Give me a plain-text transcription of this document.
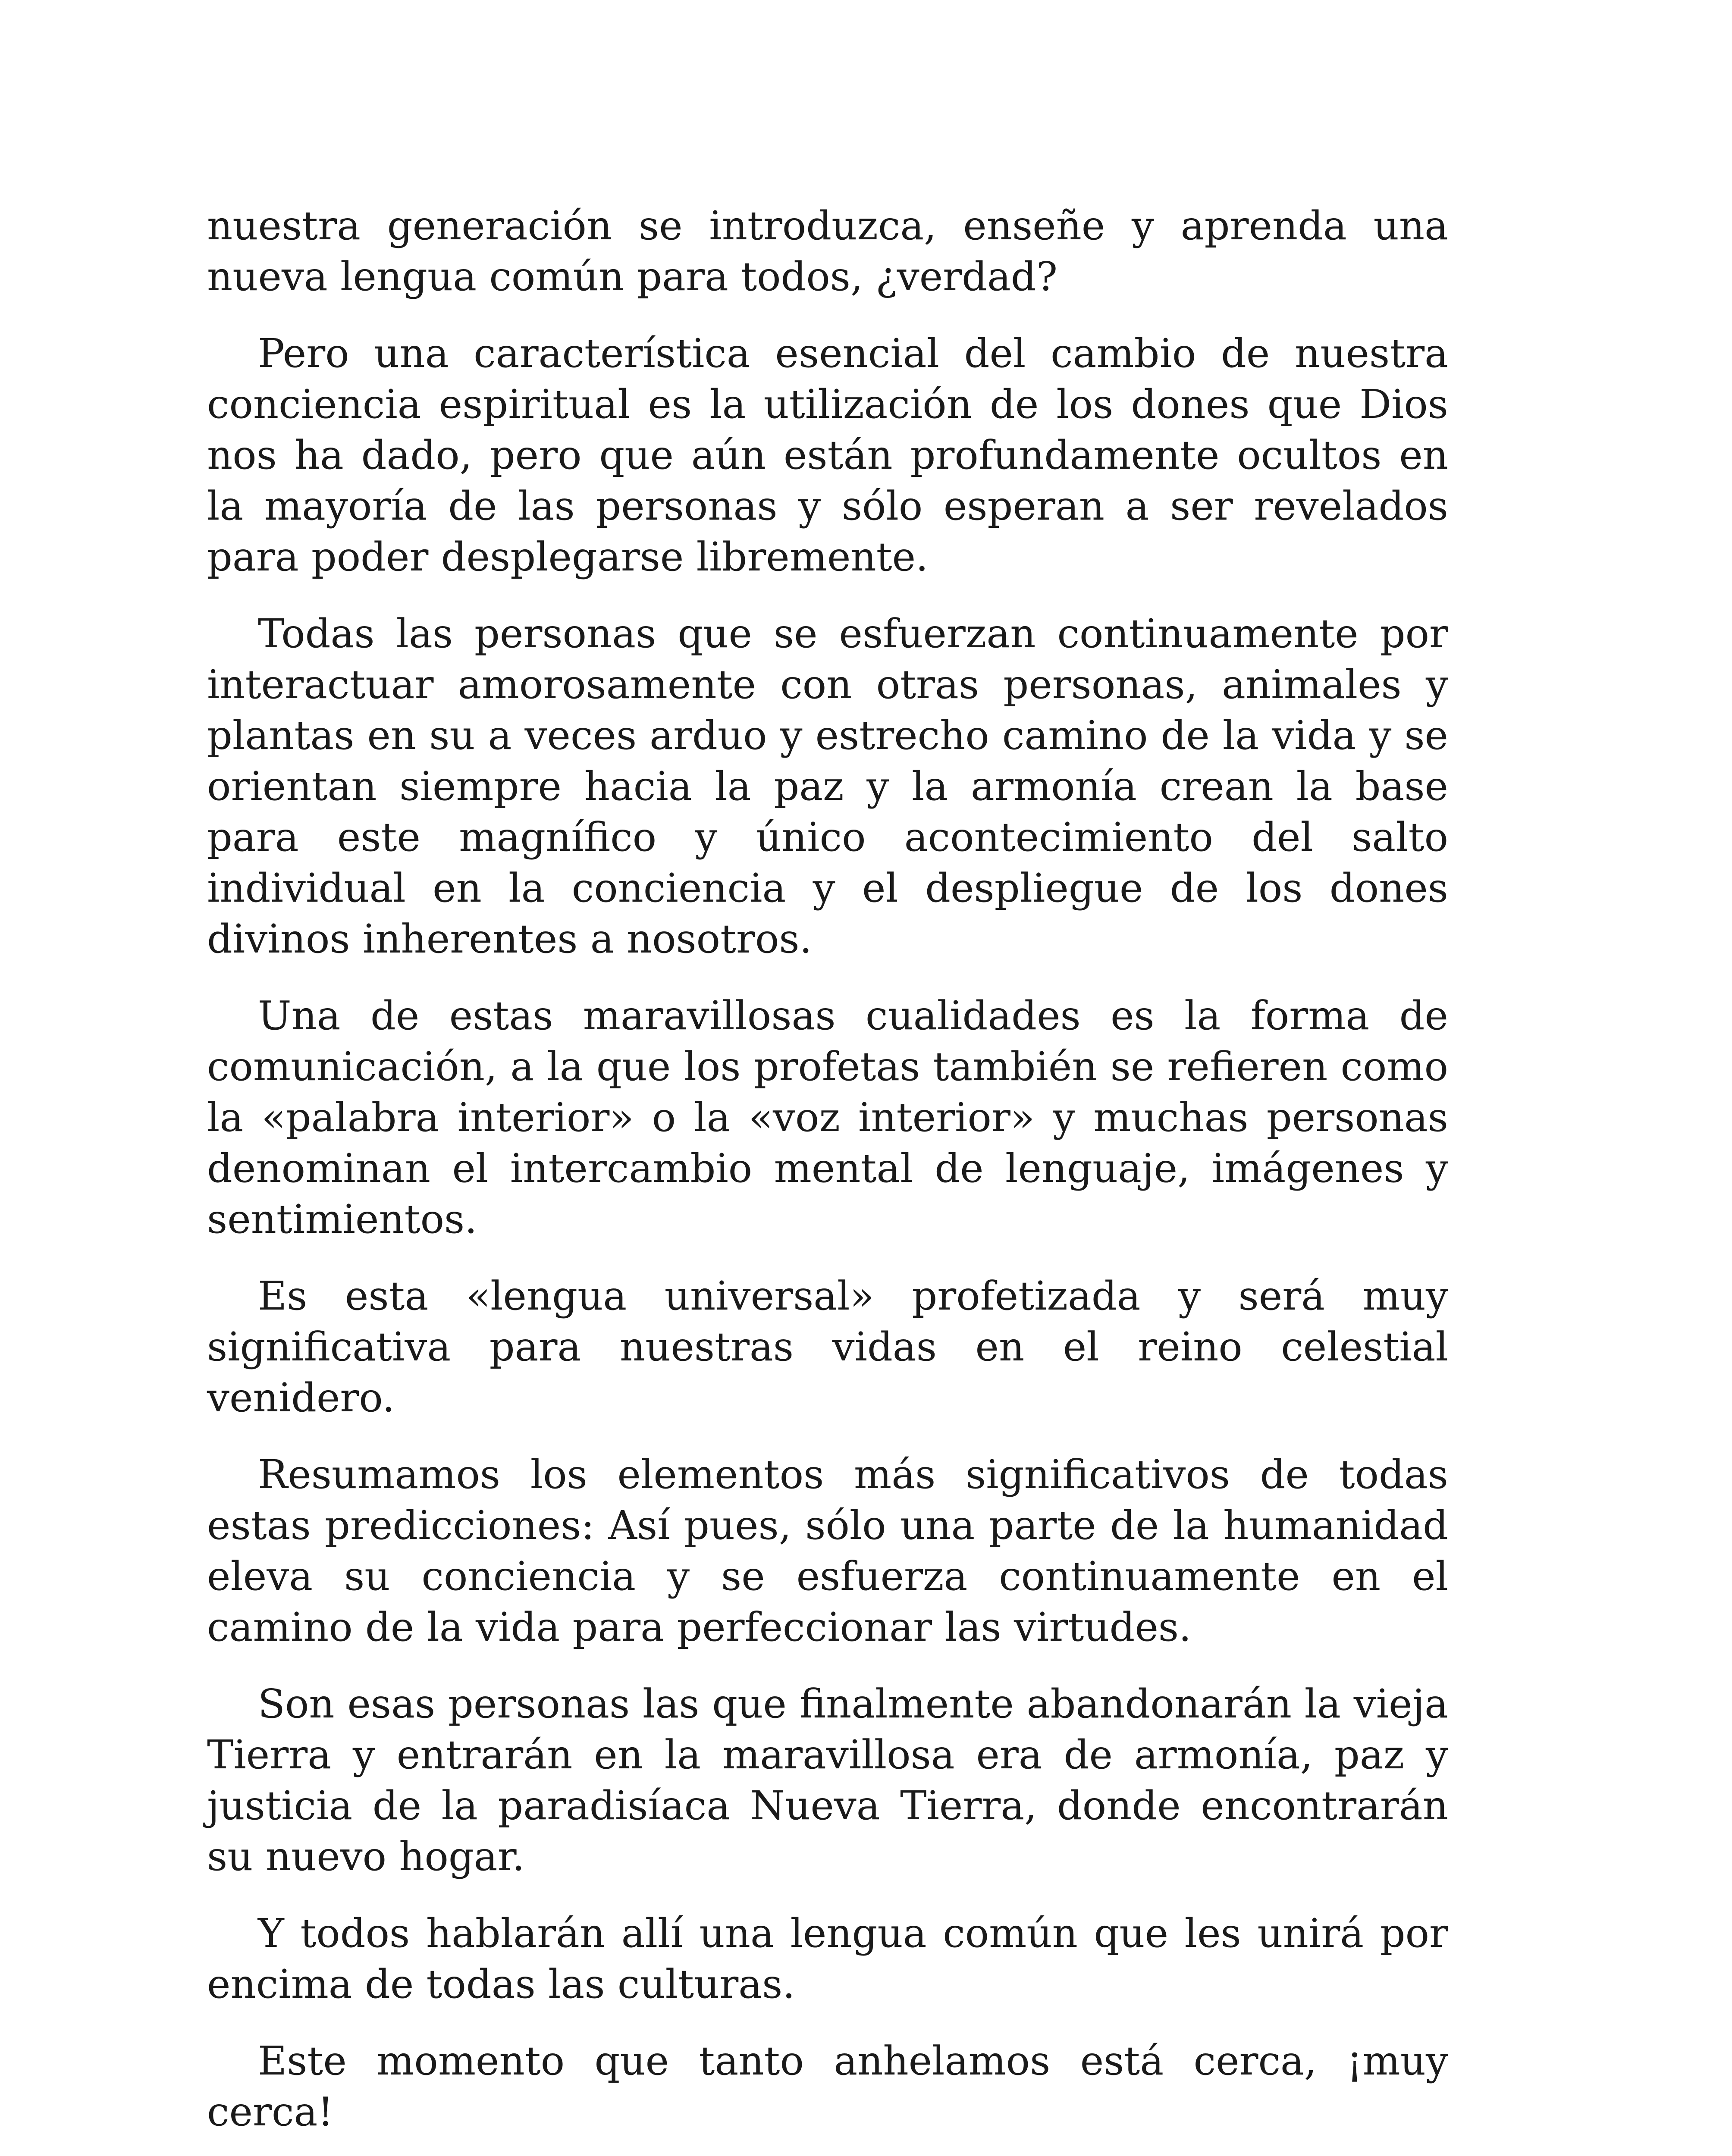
nuestra generación se introduzca, enseñe y aprenda una nueva lengua común para todos, ¿verdad?

Pero una característica esencial del cambio de nuestra conciencia espiritual es la utilización de los dones que Dios nos ha dado, pero que aún están profundamente ocultos en la mayoría de las personas y sólo esperan a ser revelados para poder desplegarse libremente.

Todas las personas que se esfuerzan continuamente por interactuar amorosamente con otras personas, animales y plantas en su a veces arduo y estrecho camino de la vida y se orientan siempre hacia la paz y la armonía crean la base para este magnífico y único acontecimiento del salto individual en la conciencia y el despliegue de los dones divinos inherentes a nosotros.

Una de estas maravillosas cualidades es la forma de comunicación, a la que los profetas también se refieren como la «palabra interior» o la «voz interior» y muchas personas denominan el intercambio mental de lenguaje, imágenes y sentimientos.

Es esta «lengua universal» profetizada y será muy significativa para nuestras vidas en el reino celestial venidero.

Resumamos los elementos más significativos de todas estas predicciones: Así pues, sólo una parte de la humanidad eleva su conciencia y se esfuerza continuamente en el camino de la vida para perfeccionar las virtudes.

Son esas personas las que finalmente abandonarán la vieja Tierra y entrarán en la maravillosa era de armonía, paz y justicia de la paradisíaca Nueva Tierra, donde encontrarán su nuevo hogar.

Y todos hablarán allí una lengua común que les unirá por encima de todas las culturas.

Este momento que tanto anhelamos está cerca, ¡muy cerca!
